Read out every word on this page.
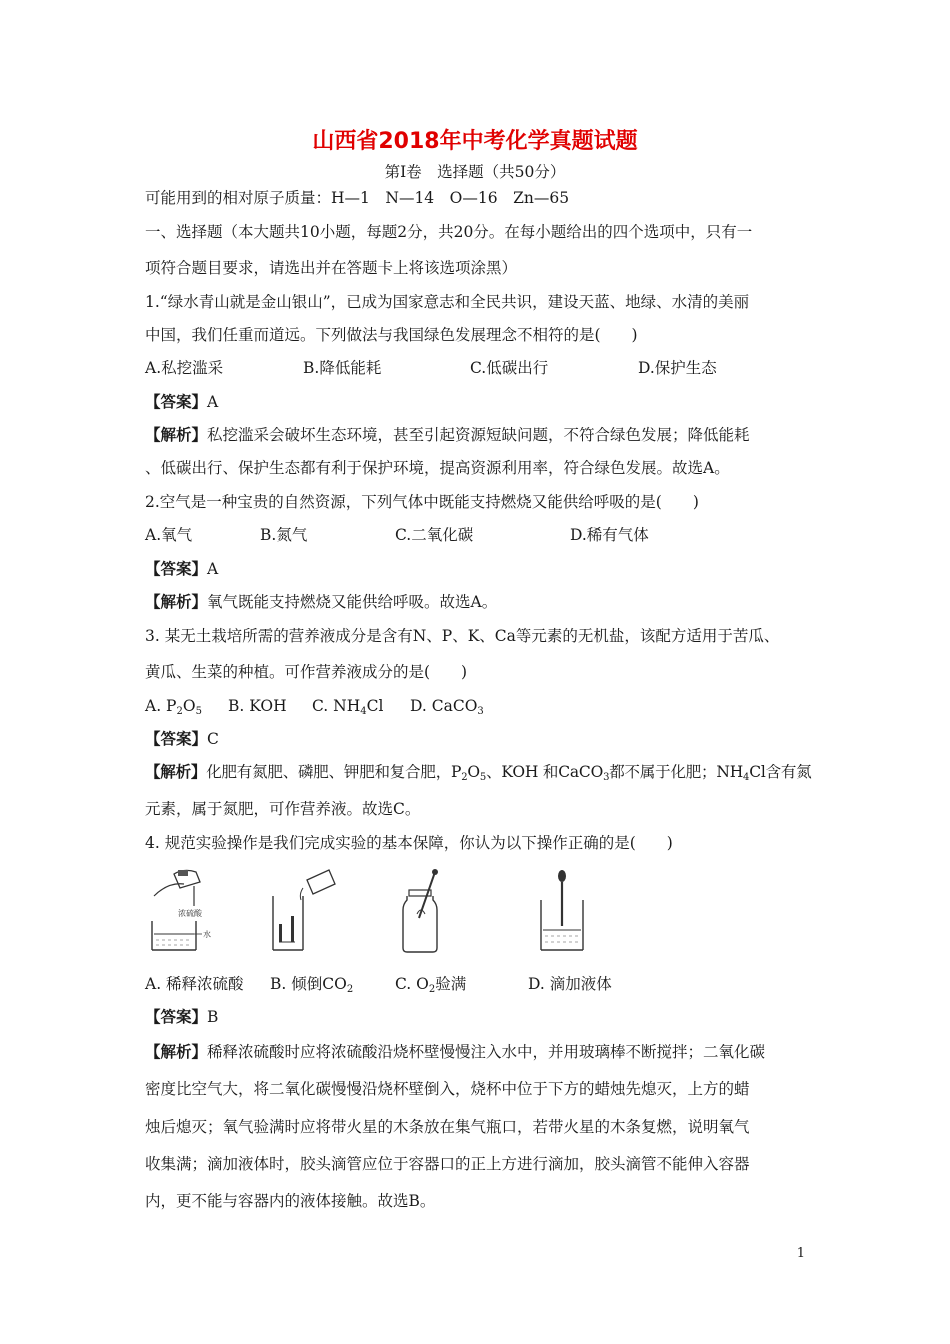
山西省2018年中考化学真题试题
第Ⅰ卷　选择题（共50分）
可能用到的相对原子质量：H—1　N—14　O—16　Zn—65
一、选择题（本大题共10小题，每题2分，共20分。在每小题给出的四个选项中，只有一
项符合题目要求，请选出并在答题卡上将该选项涂黑）
1.“绿水青山就是金山银山”，已成为国家意志和全民共识，建设天蓝、地绿、水清的美丽
中国，我们任重而道远。下列做法与我国绿色发展理念不相符的是(　　)
A.私挖滥采	B.降低能耗	C.低碳出行	D.保护生态
【答案】A
【解析】私挖滥采会破坏生态环境，甚至引起资源短缺问题，不符合绿色发展；降低能耗
、低碳出行、保护生态都有利于保护环境，提高资源利用率，符合绿色发展。故选A。
2.空气是一种宝贵的自然资源，下列气体中既能支持燃烧又能供给呼吸的是(　　)
A.氧气	B.氮气	C.二氧化碳	D.稀有气体
【答案】A
【解析】氧气既能支持燃烧又能供给呼吸。故选A。
3. 某无土栽培所需的营养液成分是含有N、P、K、Ca等元素的无机盐，该配方适用于苦瓜、
黄瓜、生菜的种植。可作营养液成分的是(　　)
A. $P_2O_5$ B. KOH C. $NH_4Cl$ D. CaCO$_3$
【答案】C
【解析】化肥有氮肥、磷肥、钾肥和复合肥，$P_2O_5$、KOH 和CaCO$_3$都不属于化肥；$NH_4Cl$含有氮
元素，属于氮肥，可作营养液。故选C。
4. 规范实验操作是我们完成实验的基本保障，你认为以下操作正确的是(　　)
浓硫酸
水
A. 稀释浓硫酸 B. 倾倒$CO_2$	C. $O_2$验满	D. 滴加液体
【答案】B
【解析】稀释浓硫酸时应将浓硫酸沿烧杯壁慢慢注入水中，并用玻璃棒不断搅拌；二氧化碳
密度比空气大，将二氧化碳慢慢沿烧杯壁倒入，烧杯中位于下方的蜡烛先熄灭，上方的蜡
烛后熄灭；氧气验满时应将带火星的木条放在集气瓶口，若带火星的木条复燃，说明氧气
收集满；滴加液体时，胶头滴管应位于容器口的正上方进行滴加，胶头滴管不能伸入容器
内，更不能与容器内的液体接触。故选B。
1
